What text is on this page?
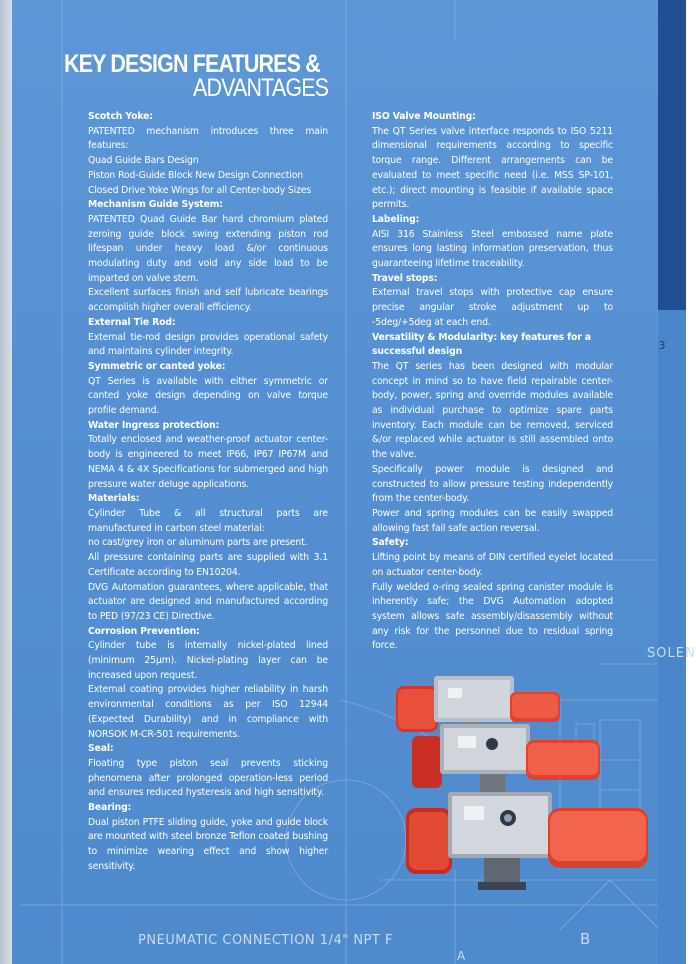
3
KEY DESIGN FEATURES &
ADVANTAGES

Scotch Yoke:

PATENTED mechanism introduces three main features:

Quad Guide Bars Design

Piston Rod-Guide Block New Design Connection

Closed Drive Yoke Wings for all Center-body Sizes

Mechanism Guide System:

PATENTED Quad Guide Bar hard chromium plated zeroing guide block swing extending piston rod lifespan under heavy load &/or continuous modulating duty and void any side load to be imparted on valve stem.

Excellent surfaces finish and self lubricate bearings accomplish higher overall efficiency.

External Tie Rod:

External tie-rod design provides operational safety and maintains cylinder integrity.

Symmetric or canted yoke:

QT Series is available with either symmetric or canted yoke design depending on valve torque profile demand.

Water Ingress protection:

Totally enclosed and weather-proof actuator center-body is engineered to meet IP66, IP67 IP67M and NEMA 4 & 4X Specifications for submerged and high pressure water deluge applications.

Materials:

Cylinder Tube & all structural parts are manufactured in carbon steel material:

no cast/grey iron or aluminum parts are present.

All pressure containing parts are supplied with 3.1 Certificate according to EN10204.

DVG Automation guarantees, where applicable, that actuator are designed and manufactured according to PED (97/23 CE) Directive.

Corrosion Prevention:

Cylinder tube is internally nickel-plated lined (minimum 25μm). Nickel-plating layer can be increased upon request.

External coating provides higher reliability in harsh environmental conditions as per ISO 12944 (Expected Durability) and in compliance with NORSOK M-CR-501 requirements.

Seal:

Floating type piston seal prevents sticking phenomena after prolonged operation-less period and ensures reduced hysteresis and high sensitivity.

Bearing:

Dual piston PTFE sliding guide, yoke and guide block are mounted with steel bronze Teflon coated bushing to minimize wearing effect and show higher sensitivity.

ISO Valve Mounting:

The QT Series valve interface responds to ISO 5211 dimensional requirements according to specific torque range. Different arrangements can be evaluated to meet specific need (i.e. MSS SP-101, etc.); direct mounting is feasible if available space permits.

Labeling:

AISI 316 Stainless Steel embossed name plate ensures long lasting information preservation, thus guaranteeing lifetime traceability.

Travel stops:

External travel stops with protective cap ensure precise angular stroke adjustment up to -5deg/+5deg at each end.

Versatility & Modularity: key features for a successful design

The QT series has been designed with modular concept in mind so to have field repairable center-body, power, spring and override modules available as individual purchase to optimize spare parts inventory. Each module can be removed, serviced &/or replaced while actuator is still assembled onto the valve.

Specifically power module is designed and constructed to allow pressure testing independently from the center-body.

Power and spring modules can be easily swapped allowing fast fail safe action reversal.

Safety:

Lifting point by means of DIN certified eyelet located on actuator center-body.

Fully welded o-ring sealed spring canister module is inherently safe; the DVG Automation adopted system allows safe assembly/disassembly without any risk for the personnel due to residual spring force.

SOLEN
PNEUMATIC CONNECTION 1/4" NPT F	B
A
